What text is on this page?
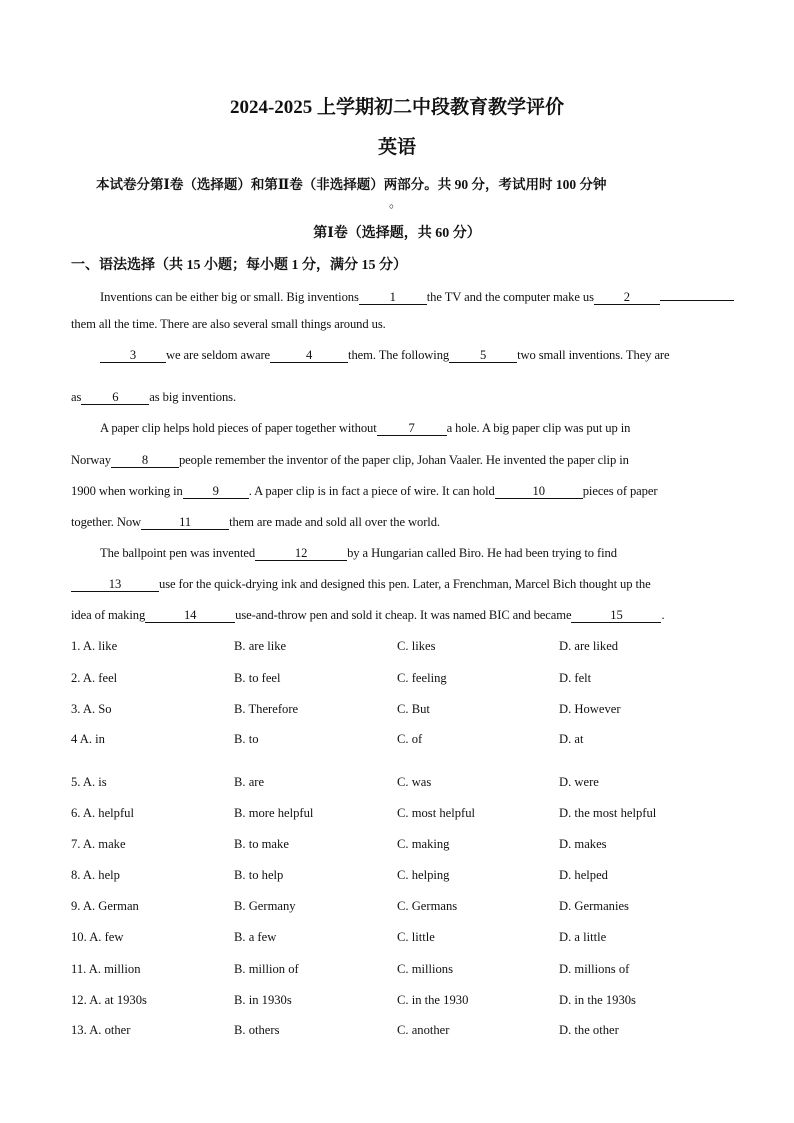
2024-2025 上学期初二中段教育教学评价
英语
本试卷分第Ⅰ卷（选择题）和第Ⅱ卷（非选择题）两部分。共 90 分，考试用时 100 分钟
。
第Ⅰ卷（选择题，共 60 分）
一、语法选择（共 15 小题；每小题 1 分，满分 15 分）
Inventions can be either big or small. Big inventions 1 the TV and the computer make us 2
them all the time. There are also several small things around us.
3 we are seldom aware	4	them. The following 5 two small inventions. They are
as 6 as big inventions.
A paper clip helps hold pieces of paper together without	7	a hole. A big paper clip was put up in
Norway 8 people remember the inventor of the paper clip, Johan Vaaler. He invented the paper clip in
1900 when working in 9 . A paper clip is in fact a piece of wire. It can hold	10	pieces of paper
together. Now	11	them are made and sold all over the world.
The ballpoint pen was invented	12	by a Hungarian called Biro. He had been trying to find
13	use for the quick-drying ink and designed this pen. Later, a Frenchman, Marcel Bich thought up the
idea of making	14	use-and-throw pen and sold it cheap. It was named BIC and became	15	.
1. A. like	B. are like	C. likes	D. are liked
2. A. feel	B. to feel	C. feeling	D. felt
3. A. So	B. Therefore	C. But	D. However
4 A. in	B. to	C. of	D. at
5. A. is	B. are	C. was	D. were
6. A. helpful	B. more helpful	C. most helpful	D. the most helpful
7. A. make	B. to make	C. making	D. makes
8. A. help	B. to help	C. helping	D. helped
9. A. German	B. Germany	C. Germans	D. Germanies
10. A. few	B. a few	C. little	D. a little
11. A. million	B. million of	C. millions	D. millions of
12. A. at 1930s	B. in 1930s	C. in the 1930	D. in the 1930s
13. A. other	B. others	C. another	D. the other
